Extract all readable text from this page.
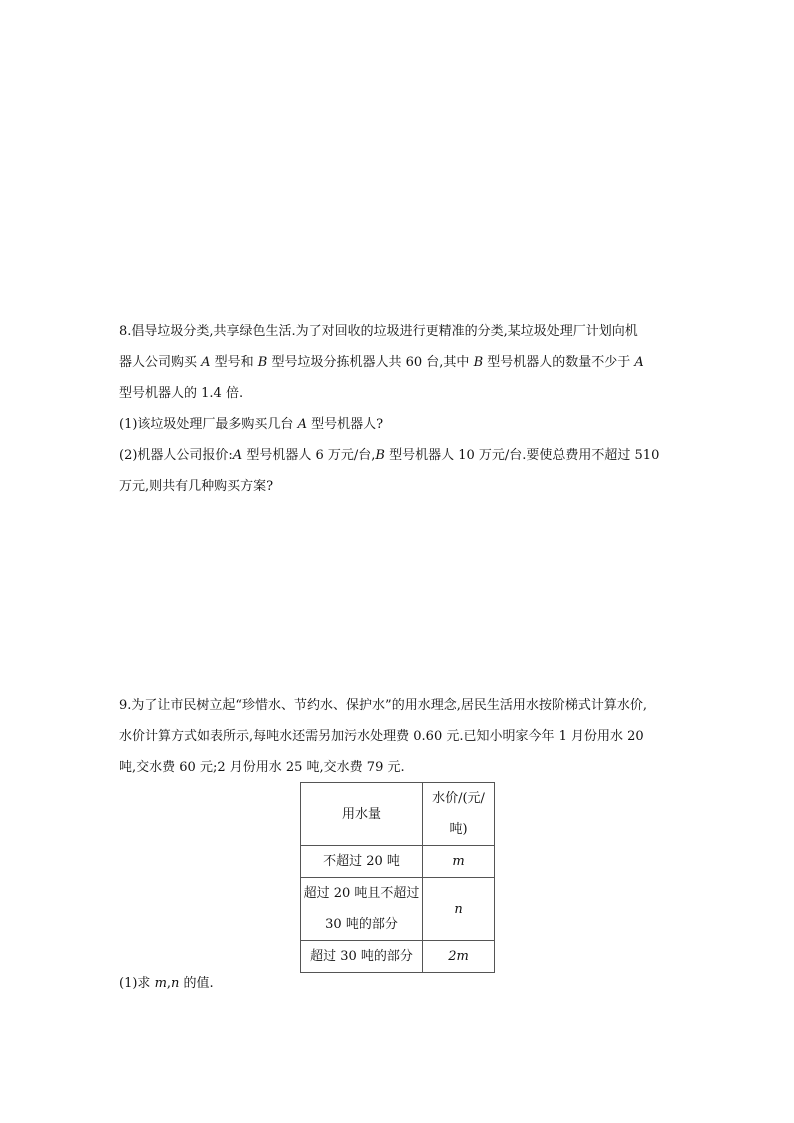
8.倡导垃圾分类,共享绿色生活.为了对回收的垃圾进行更精准的分类,某垃圾处理厂计划向机
器人公司购买 A 型号和 B 型号垃圾分拣机器人共 60 台,其中 B 型号机器人的数量不少于 A
型号机器人的 1.4 倍.
(1)该垃圾处理厂最多购买几台 A 型号机器人?
(2)机器人公司报价:A 型号机器人 6 万元/台,B 型号机器人 10 万元/台.要使总费用不超过 510
万元,则共有几种购买方案?
9.为了让市民树立起“珍惜水、节约水、保护水”的用水理念,居民生活用水按阶梯式计算水价,
水价计算方式如表所示,每吨水还需另加污水处理费 0.60 元.已知小明家今年 1 月份用水 20
吨,交水费 60 元;2 月份用水 25 吨,交水费 79 元.
用水量	水价/(元/吨)
不超过 20 吨	m

超过 20 吨且不超过
30 吨的部分	n
超过 30 吨的部分	2m
(1)求 m,n 的值.
